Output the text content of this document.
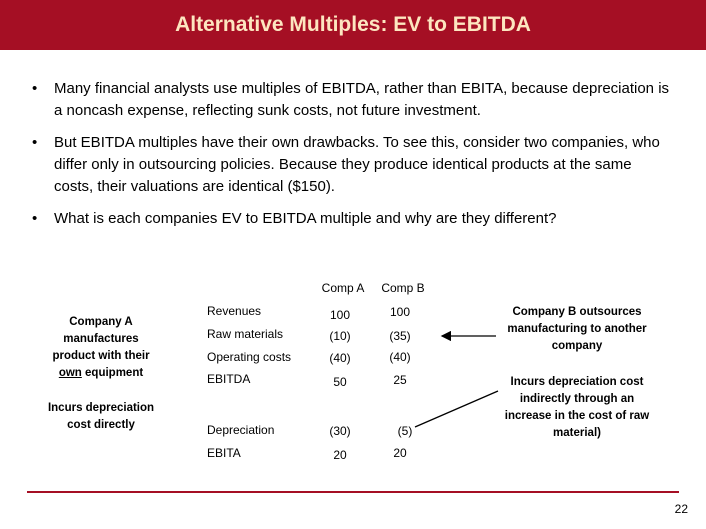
Alternative Multiples: EV to EBITDA
• Many financial analysts use multiples of EBITDA, rather than EBITA, because depreciation is a noncash expense, reflecting sunk costs, not future investment.
• But EBITDA multiples have their own drawbacks. To see this, consider two companies, who differ only in outsourcing policies. Because they produce identical products at the same costs, their valuations are identical ($150).
• What is each companies EV to EBITDA multiple and why are they different?
Comp A	Comp B
Revenues	100	100
Raw materials	(10)	(35)
Operating costs	(40)	(40)
EBITDA	50	25
Depreciation	(30)	(5)
EBITA	20	20
Company A manufactures product with their own equipment
Incurs depreciation cost directly
Company B outsources manufacturing to another company
Incurs depreciation cost indirectly through an increase in the cost of raw material)
22
